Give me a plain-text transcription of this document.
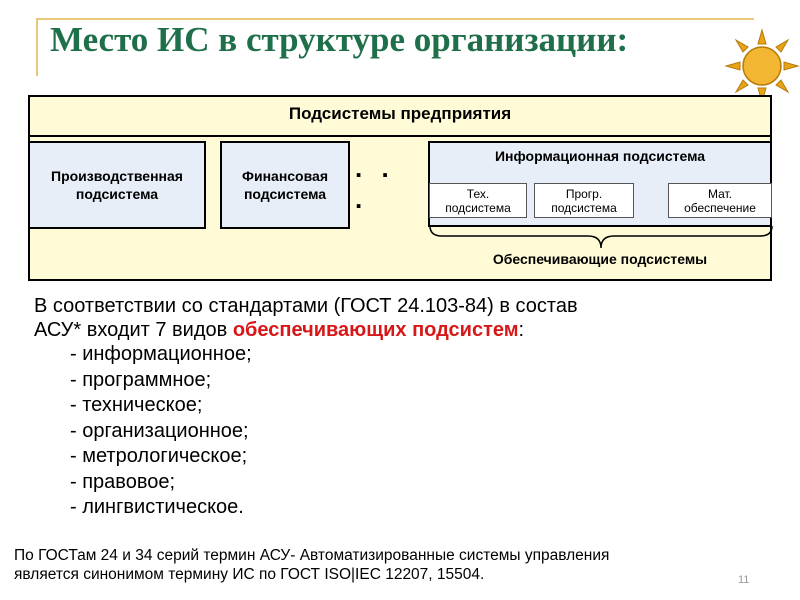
Место ИС в структуре организации:
Подсистемы предприятия
Производственная
подсистема
Финансовая
подсистема
. . .
Информационная подсистема
Тех.
подсистема
Прогр.
подсистема
Мат.
обеспечение
Обеспечивающие подсистемы
В соответствии со стандартами (ГОСТ 24.103-84) в состав
АСУ* входит 7 видов обеспечивающих подсистем:
- информационное;
- программное;
- техническое;
- организационное;
- метрологическое;
- правовое;
- лингвистическое.
По ГОСТам 24 и 34 серий термин АСУ- Автоматизированные системы управления
является синонимом термину ИС по ГОСТ ISO|IEC 12207, 15504.	11
